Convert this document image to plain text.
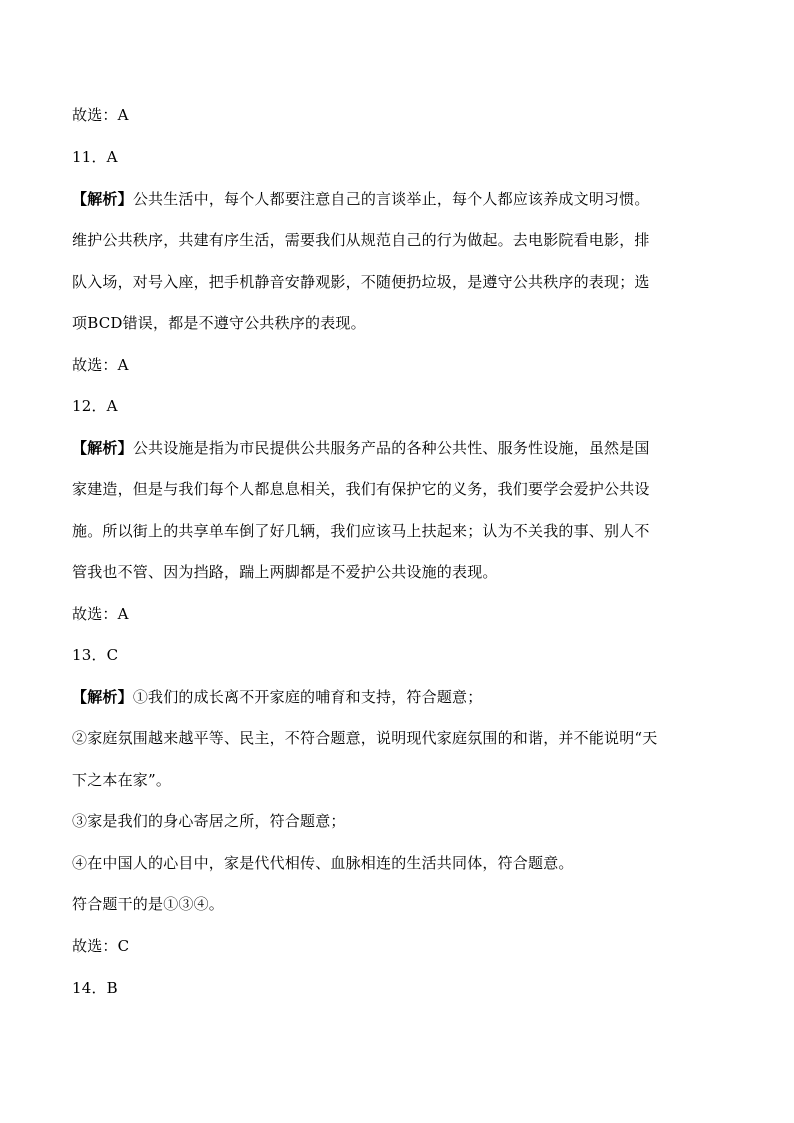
故选：A
11．A
【解析】公共生活中，每个人都要注意自己的言谈举止，每个人都应该养成文明习惯。
维护公共秩序，共建有序生活，需要我们从规范自己的行为做起。去电影院看电影，排
队入场，对号入座，把手机静音安静观影，不随便扔垃圾，是遵守公共秩序的表现；选
项BCD错误，都是不遵守公共秩序的表现。
故选：A
12．A
【解析】公共设施是指为市民提供公共服务产品的各种公共性、服务性设施，虽然是国
家建造，但是与我们每个人都息息相关，我们有保护它的义务，我们要学会爱护公共设
施。所以街上的共享单车倒了好几辆，我们应该马上扶起来；认为不关我的事、别人不
管我也不管、因为挡路，踹上两脚都是不爱护公共设施的表现。
故选：A
13．C
【解析】①我们的成长离不开家庭的哺育和支持，符合题意；
②家庭氛围越来越平等、民主，不符合题意，说明现代家庭氛围的和谐，并不能说明“天
下之本在家”。
③家是我们的身心寄居之所，符合题意；
④在中国人的心目中，家是代代相传、血脉相连的生活共同体，符合题意。
符合题干的是①③④。
故选：C
14．B
